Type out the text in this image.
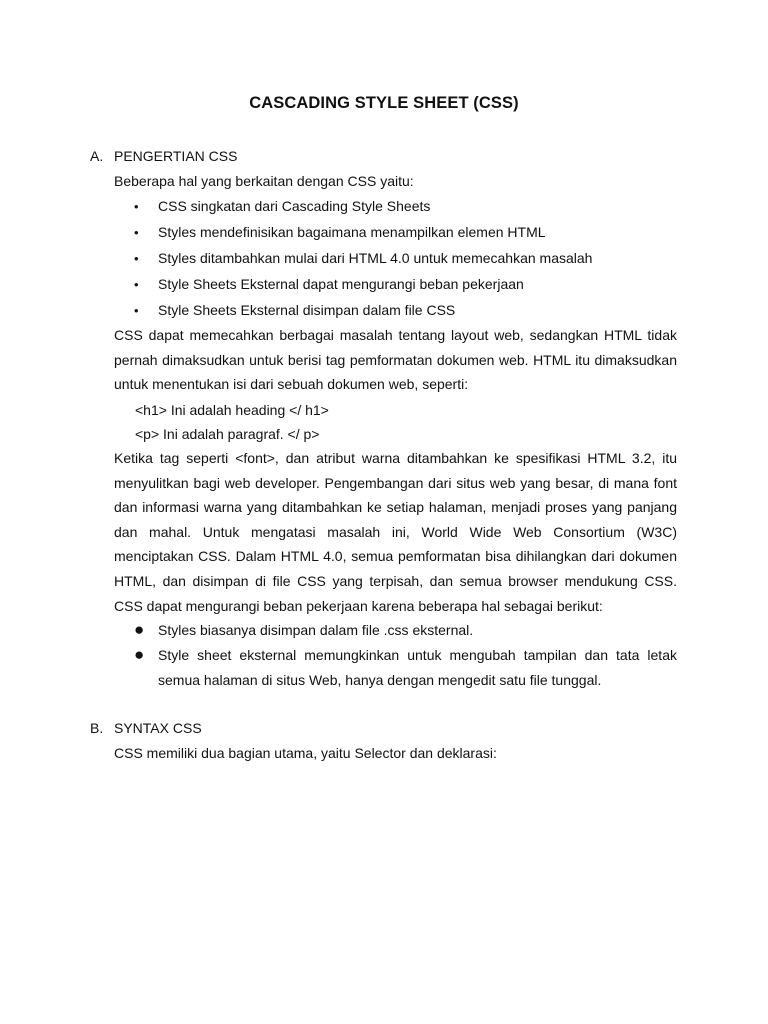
CASCADING STYLE SHEET (CSS)
A. PENGERTIAN CSS
Beberapa hal yang berkaitan dengan CSS yaitu:
• CSS singkatan dari Cascading Style Sheets
• Styles mendefinisikan bagaimana menampilkan elemen HTML
• Styles ditambahkan mulai dari HTML 4.0 untuk memecahkan masalah
• Style Sheets Eksternal dapat mengurangi beban pekerjaan
• Style Sheets Eksternal disimpan dalam file CSS
CSS dapat memecahkan berbagai masalah tentang layout web, sedangkan HTML tidak pernah dimaksudkan untuk berisi tag pemformatan dokumen web. HTML itu dimaksudkan untuk menentukan isi dari sebuah dokumen web, seperti:
<h1> Ini adalah heading </ h1>
<p> Ini adalah paragraf. </ p>
Ketika tag seperti <font>, dan atribut warna ditambahkan ke spesifikasi HTML 3.2, itu menyulitkan bagi web developer. Pengembangan dari situs web yang besar, di mana font dan informasi warna yang ditambahkan ke setiap halaman, menjadi proses yang panjang dan mahal. Untuk mengatasi masalah ini, World Wide Web Consortium (W3C) menciptakan CSS. Dalam HTML 4.0, semua pemformatan bisa dihilangkan dari dokumen HTML, dan disimpan di file CSS yang terpisah, dan semua browser mendukung CSS. CSS dapat mengurangi beban pekerjaan karena beberapa hal sebagai berikut:
● Styles biasanya disimpan dalam file .css eksternal.
● Style sheet eksternal memungkinkan untuk mengubah tampilan dan tata letak semua halaman di situs Web, hanya dengan mengedit satu file tunggal.
B. SYNTAX CSS
CSS memiliki dua bagian utama, yaitu Selector dan deklarasi:
